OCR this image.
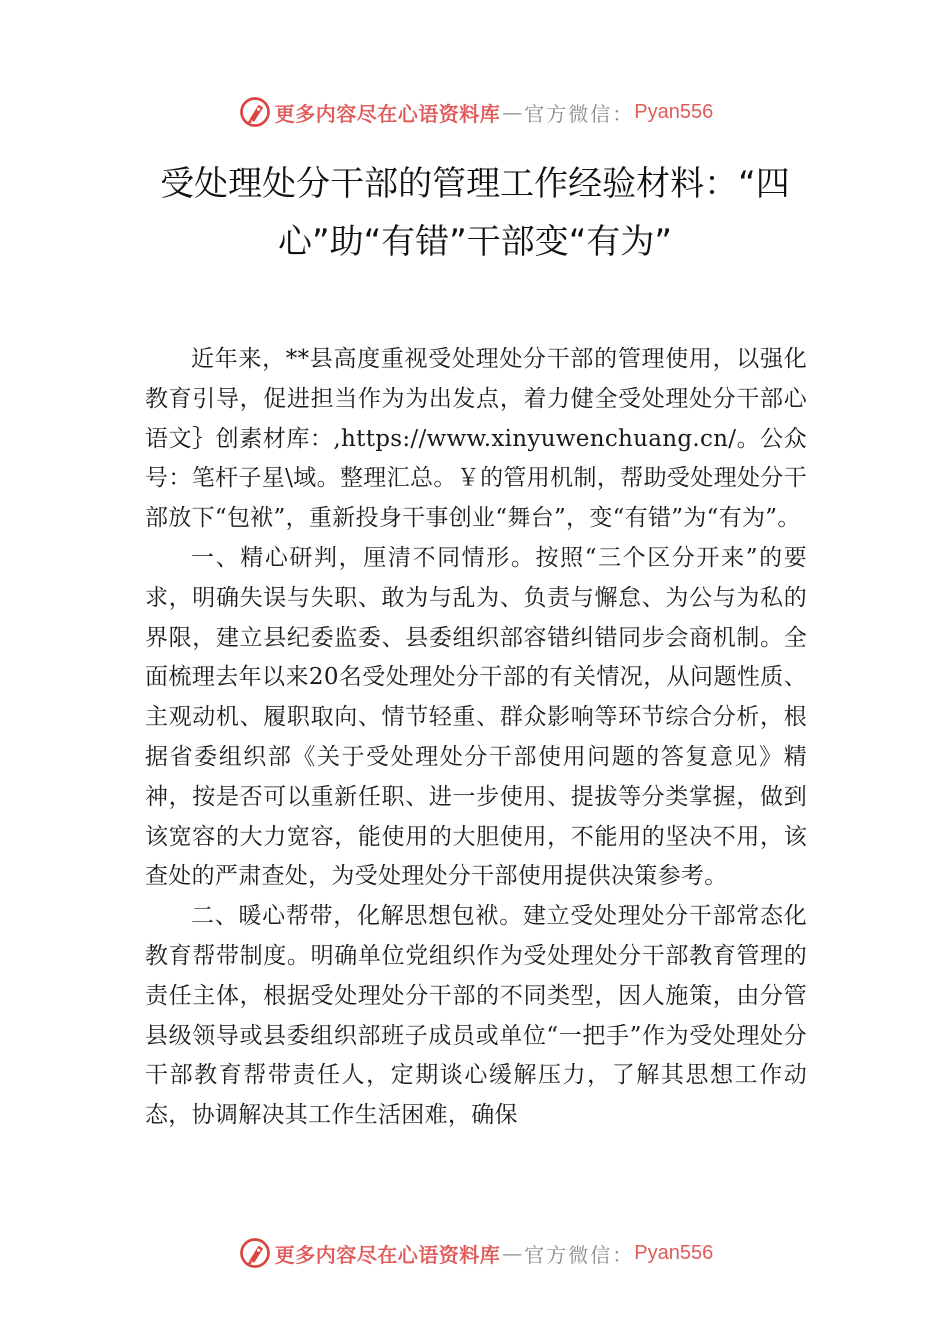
更多内容尽在心语资料库 — 官方微信： Pyan556
受处理处分干部的管理工作经验材料：“四心”助“有错”干部变“有为”

近年来，**县高度重视受处理处分干部的管理使用，以强化教育引导，促进担当作为为出发点，着力健全受处理处分干部心语文｝创素材库：,https://www.xinyuwenchuang.cn/。公众号：笔杆子星\域。整理汇总。￥的管用机制，帮助受处理处分干部放下“包袱”，重新投身干事创业“舞台”，变“有错”为“有为”。

一、精心研判，厘清不同情形。按照“三个区分开来”的要求，明确失误与失职、敢为与乱为、负责与懈怠、为公与为私的界限，建立县纪委监委、县委组织部容错纠错同步会商机制。全面梳理去年以来20名受处理处分干部的有关情况，从问题性质、主观动机、履职取向、情节轻重、群众影响等环节综合分析，根据省委组织部《关于受处理处分干部使用问题的答复意见》精神，按是否可以重新任职、进一步使用、提拔等分类掌握，做到该宽容的大力宽容，能使用的大胆使用，不能用的坚决不用，该查处的严肃查处，为受处理处分干部使用提供决策参考。

二、暖心帮带，化解思想包袱。建立受处理处分干部常态化教育帮带制度。明确单位党组织作为受处理处分干部教育管理的责任主体，根据受处理处分干部的不同类型，因人施策，由分管县级领导或县委组织部班子成员或单位“一把手”作为受处理处分干部教育帮带责任人，定期谈心缓解压力，了解其思想工作动态，协调解决其工作生活困难，确保

更多内容尽在心语资料库 — 官方微信： Pyan556
